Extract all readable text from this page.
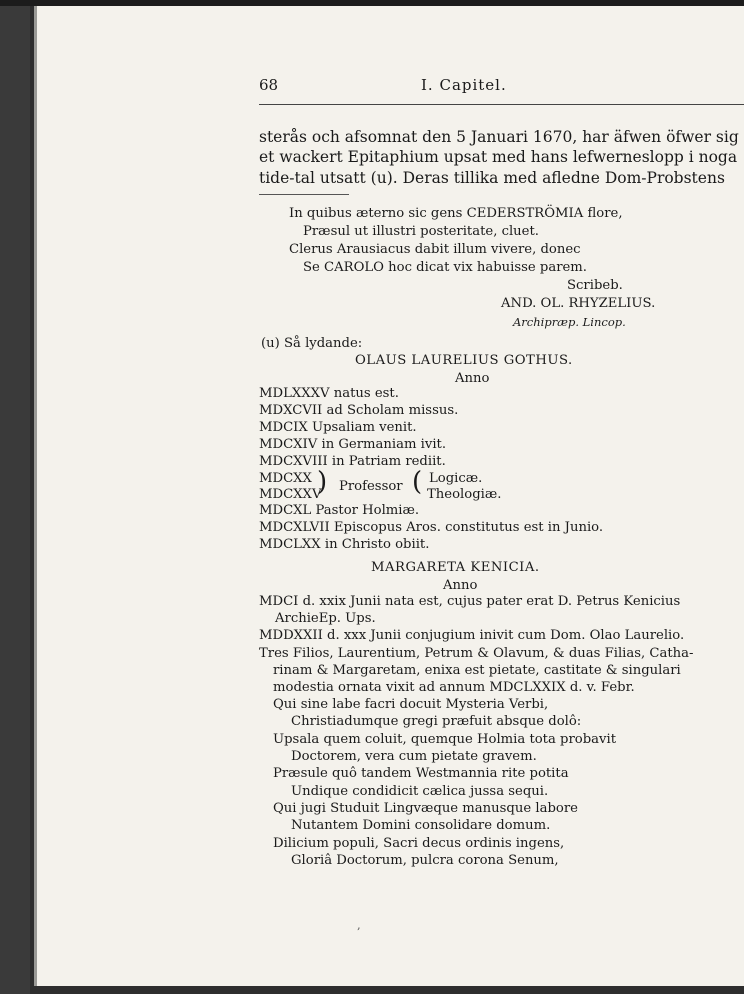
68	I. Capitel.
sterås och afsomnat den 5 Januari 1670, har äfwen öfwer sig
et wackert Epitaphium upsat med hans lefwerneslopp i noga
tide-tal utsatt (u). Deras tillika med afledne Dom-Probstens
In quibus æterno sic gens CEDERSTRÖMIA flore,
Præsul ut illustri posteritate, cluet.
Clerus Arausiacus dabit illum vivere, donec
Se CAROLO hoc dicat vix habuisse parem.
Scribeb.
AND. OL. RHYZELIUS.
Archipræp. Lincop.
(u) Så lydande:
OLAUS LAURELIUS GOTHUS.
Anno
MDLXXXV natus est.
MDXCVII ad Scholam missus.
MDCIX Upsaliam venit.
MDCXIV in Germaniam ivit.
MDCXVIII in Patriam rediit.
MDCXX
MDCXXV
) Professor ( Logicæ.
Theologiæ.
MDCXL Pastor Holmiæ.
MDCXLVII Episcopus Aros. constitutus est in Junio.
MDCLXX in Christo obiit.
MARGARETA KENICIA.
Anno
MDCI d. xxix Junii nata est, cujus pater erat D. Petrus Kenicius
ArchieEp. Ups.
MDDXXII d. xxx Junii conjugium inivit cum Dom. Olao Laurelio.
Tres Filios, Laurentium, Petrum & Olavum, & duas Filias, Catha-
rinam & Margaretam, enixa est pietate, castitate & singulari
modestia ornata vixit ad annum MDCLXXIX d. v. Febr.
Qui sine labe facri docuit Mysteria Verbi,
Christiadumque gregi præfuit absque dolô:
Upsala quem coluit, quemque Holmia tota probavit
Doctorem, vera cum pietate gravem.
Præsule quô tandem Westmannia rite potita
Undique condidicit cælica jussa sequi.
Qui jugi Studuit Lingvæque manusque labore
Nutantem Domini consolidare domum.
Dilicium populi, Sacri decus ordinis ingens,
Gloriâ Doctorum, pulcra corona Senum,
,
